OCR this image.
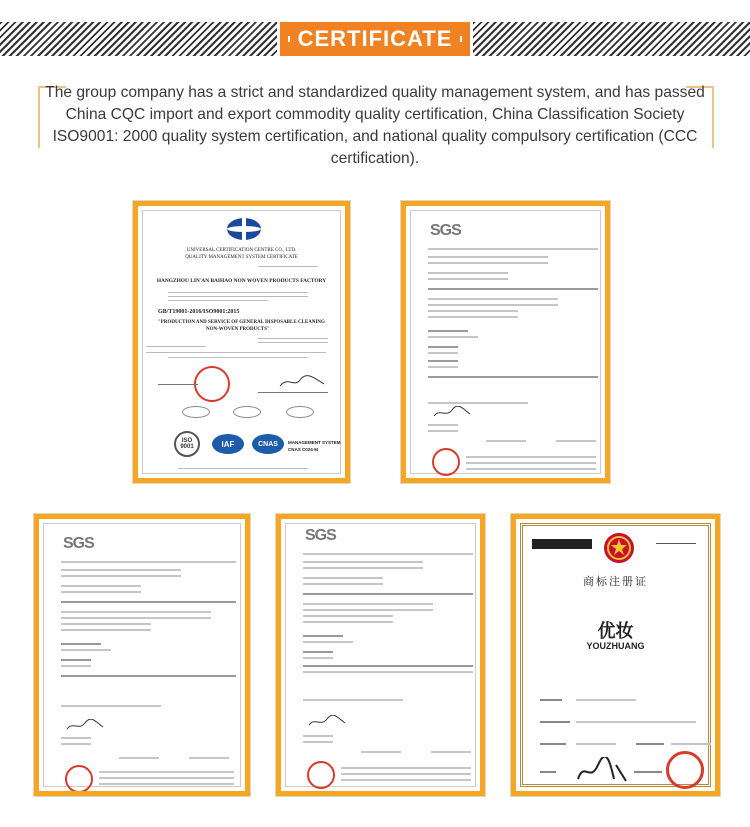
CERTIFICATE

The group company has a strict and standardized quality management system, and has passed China CQC import and export commodity quality certification, China Classification Society ISO9001: 2000 quality system certification, and national quality compulsory certification (CCC certification).

UNIVERSAL CERTIFICATION CENTRE CO., LTD.
QUALITY MANAGEMENT SYSTEM CERTIFICATE
HANGZHOU LIN'AN BAIHAO NON WOVEN PRODUCTS FACTORY
GB/T19001-2016/ISO9001:2015
"PRODUCTION AND SERVICE OF GENERAL DISPOSABLE CLEANING
NON-WOVEN PRODUCTS"
ISO 9001	IAF	CNAS	MANAGEMENT SYSTEM
CNAS C024-M
SGS
SGS	SGS
商标注册证
优妆
YOUZHUANG
